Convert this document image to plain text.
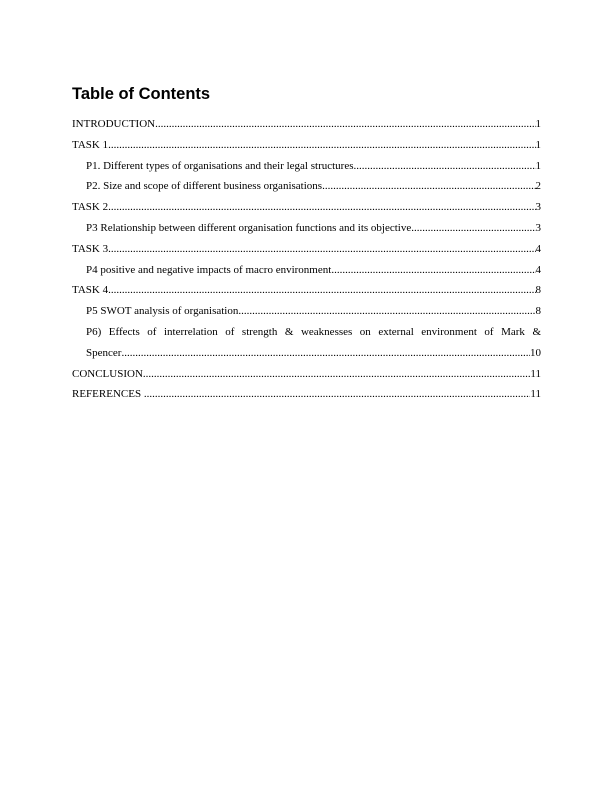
Table of Contents
INTRODUCTION .....	1
TASK 1 .....	1
P1. Different types of organisations and their legal structures .....	1
P2. Size and scope of different business organisations .....	2
TASK 2 .....	3
P3 Relationship between different organisation functions and its objective .....	3
TASK 3 .....	4
P4 positive and negative impacts of macro environment .....	4
TASK 4 .....	8
P5 SWOT analysis of organisation .....	8
P6) Effects of interrelation of strength & weaknesses on external environment of Mark &
Spencer .....	10
CONCLUSION .....	11
REFERENCES .....	11
